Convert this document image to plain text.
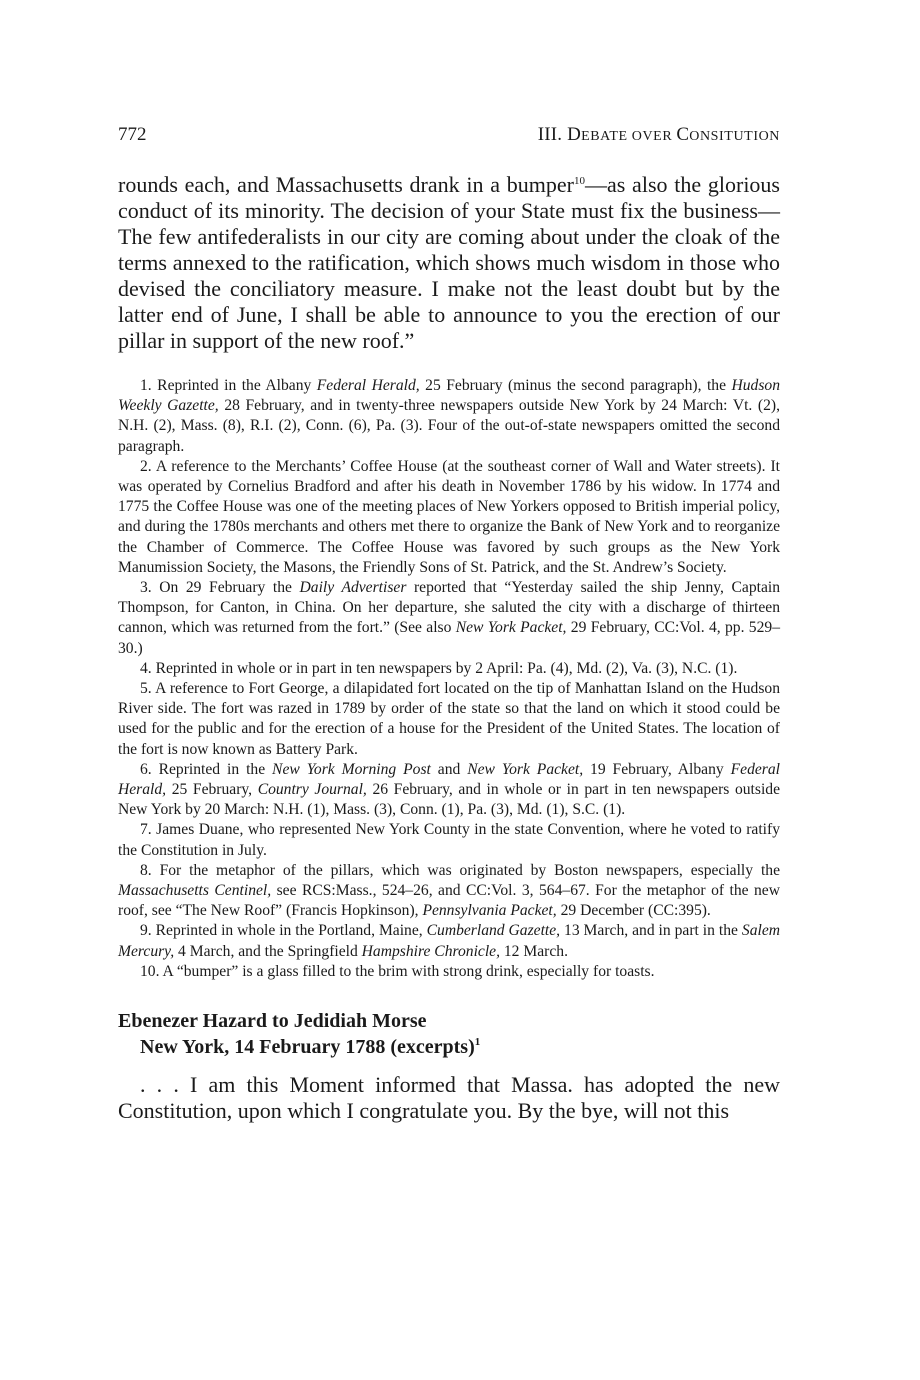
772	III. DEBATE OVER CONSITUTION

rounds each, and Massachusetts drank in a bumper$^{10}$—as also the glorious conduct of its minority. The decision of your State must fix the business—The few antifederalists in our city are coming about under the cloak of the terms annexed to the ratification, which shows much wisdom in those who devised the conciliatory measure. I make not the least doubt but by the latter end of June, I shall be able to announce to you the erection of our pillar in support of the new roof.”

1. Reprinted in the Albany Federal Herald, 25 February (minus the second paragraph), the Hudson Weekly Gazette, 28 February, and in twenty-three newspapers outside New York by 24 March: Vt. (2), N.H. (2), Mass. (8), R.I. (2), Conn. (6), Pa. (3). Four of the out-of-state newspapers omitted the second paragraph.

2. A reference to the Merchants’ Coffee House (at the southeast corner of Wall and Water streets). It was operated by Cornelius Bradford and after his death in November 1786 by his widow. In 1774 and 1775 the Coffee House was one of the meeting places of New Yorkers opposed to British imperial policy, and during the 1780s merchants and others met there to organize the Bank of New York and to reorganize the Chamber of Commerce. The Coffee House was favored by such groups as the New York Manumission Society, the Masons, the Friendly Sons of St. Patrick, and the St. Andrew’s Society.

3. On 29 February the Daily Advertiser reported that “Yesterday sailed the ship Jenny, Captain Thompson, for Canton, in China. On her departure, she saluted the city with a discharge of thirteen cannon, which was returned from the fort.” (See also New York Packet, 29 February, CC:Vol. 4, pp. 529–30.)

4. Reprinted in whole or in part in ten newspapers by 2 April: Pa. (4), Md. (2), Va. (3), N.C. (1).

5. A reference to Fort George, a dilapidated fort located on the tip of Manhattan Island on the Hudson River side. The fort was razed in 1789 by order of the state so that the land on which it stood could be used for the public and for the erection of a house for the President of the United States. The location of the fort is now known as Battery Park.

6. Reprinted in the New York Morning Post and New York Packet, 19 February, Albany Federal Herald, 25 February, Country Journal, 26 February, and in whole or in part in ten newspapers outside New York by 20 March: N.H. (1), Mass. (3), Conn. (1), Pa. (3), Md. (1), S.C. (1).

7. James Duane, who represented New York County in the state Convention, where he voted to ratify the Constitution in July.

8. For the metaphor of the pillars, which was originated by Boston newspapers, especially the Massachusetts Centinel, see RCS:Mass., 524–26, and CC:Vol. 3, 564–67. For the metaphor of the new roof, see “The New Roof” (Francis Hopkinson), Pennsylvania Packet, 29 December (CC:395).

9. Reprinted in whole in the Portland, Maine, Cumberland Gazette, 13 March, and in part in the Salem Mercury, 4 March, and the Springfield Hampshire Chronicle, 12 March.

10. A “bumper” is a glass filled to the brim with strong drink, especially for toasts.

Ebenezer Hazard to Jedidiah Morse
New York, 14 February 1788 (excerpts)$^1$

. . . I am this Moment informed that Massa. has adopted the new Constitution, upon which I congratulate you. By the bye, will not this
